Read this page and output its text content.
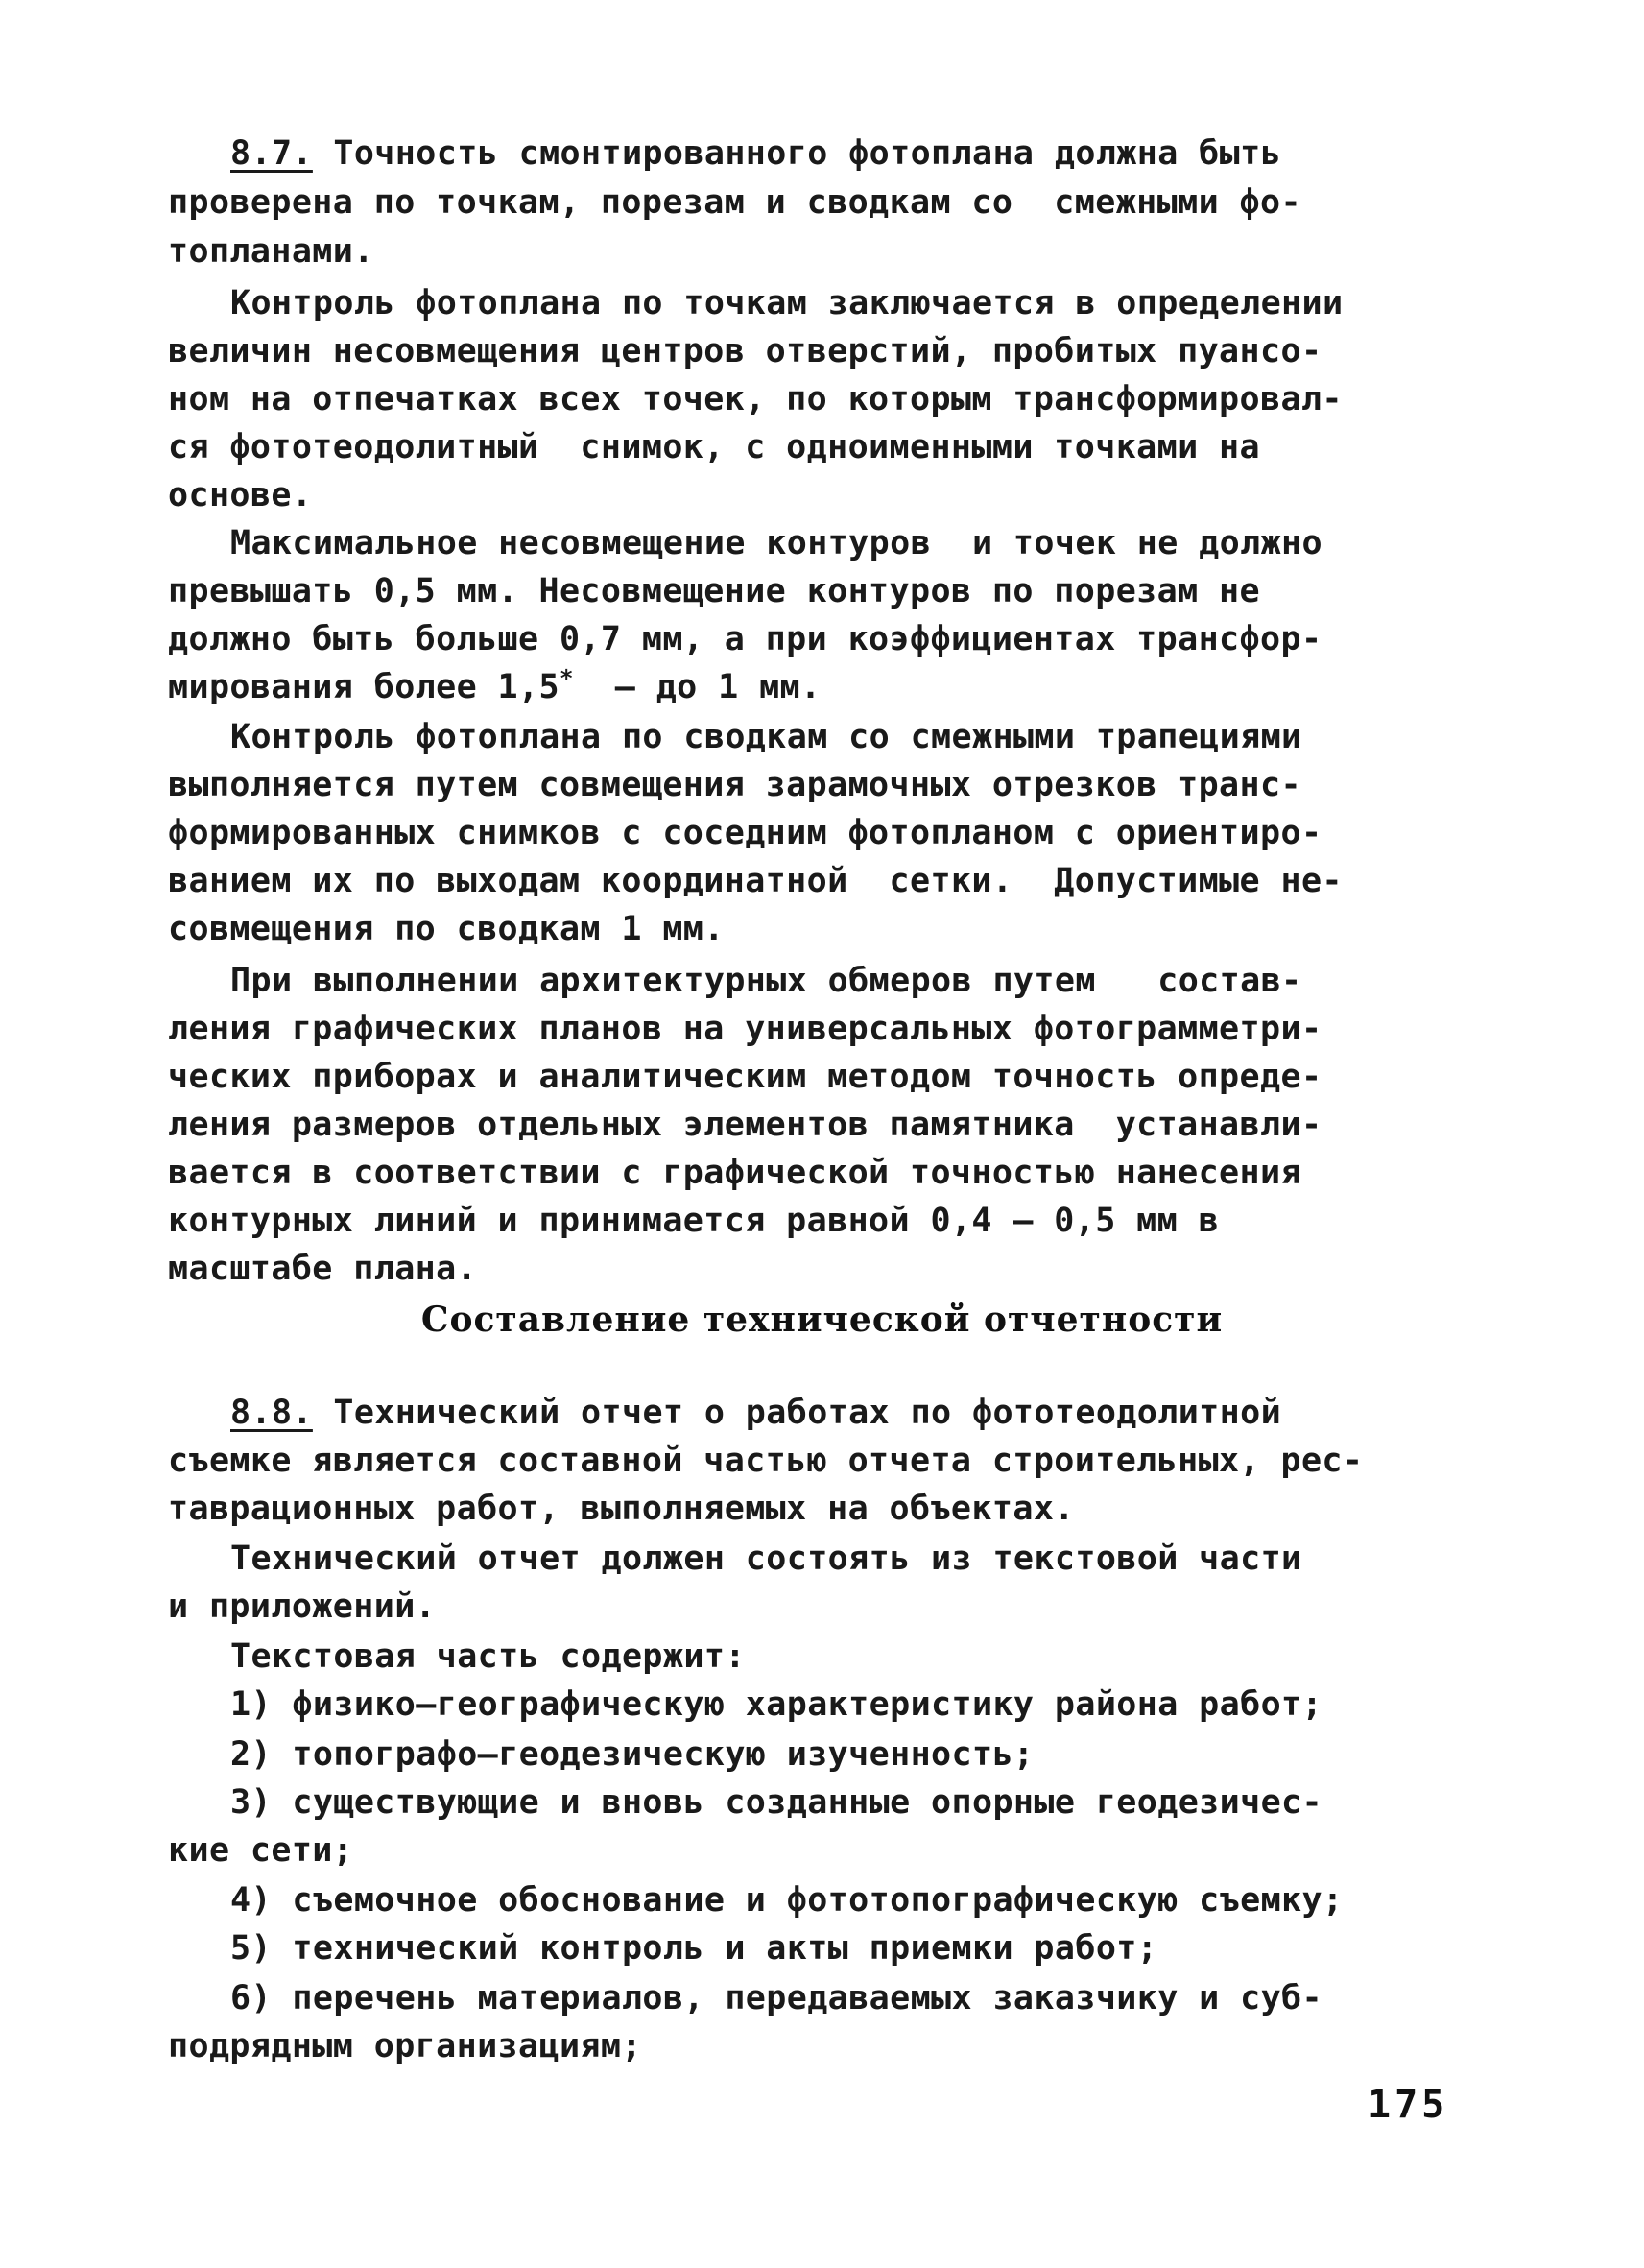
8.7. Точность смонтированного фотоплана должна быть
проверена по точкам, порезам и сводкам со  смежными фо-
топланами.
Контроль фотоплана по точкам заключается в определении
величин несовмещения центров отверстий, пробитых пуансо-
ном на отпечатках всех точек, по которым трансформировал-
ся фототеодолитный  снимок, с одноименными точками на
основе.
Максимальное несовмещение контуров  и точек не должно
превышать 0,5 мм. Несовмещение контуров по порезам не
должно быть больше 0,7 мм, а при коэффициентах трансфор-
мирования более 1,5*  – до 1 мм.
Контроль фотоплана по сводкам со смежными трапециями
выполняется путем совмещения зарамочных отрезков транс-
формированных снимков с соседним фотопланом с ориентиро-
ванием их по выходам координатной  сетки.  Допустимые не-
совмещения по сводкам 1 мм.
При выполнении архитектурных обмеров путем   состав-
ления графических планов на универсальных фотограмметри-
ческих приборах и аналитическим методом точность опреде-
ления размеров отдельных элементов памятника  устанавли-
вается в соответствии с графической точностью нанесения
контурных линий и принимается равной 0,4 – 0,5 мм в
масштабе плана.
Составление технической отчетности
8.8. Технический отчет о работах по фототеодолитной
съемке является составной частью отчета строительных, рес-
таврационных работ, выполняемых на объектах.
Технический отчет должен состоять из текстовой части
и приложений.
Текстовая часть содержит:
1) физико–географическую характеристику района работ;
2) топографо–геодезическую изученность;
3) существующие и вновь созданные опорные геодезичес-
кие сети;
4) съемочное обоснование и фототопографическую съемку;
5) технический контроль и акты приемки работ;
6) перечень материалов, передаваемых заказчику и суб-
подрядным организациям;
175
